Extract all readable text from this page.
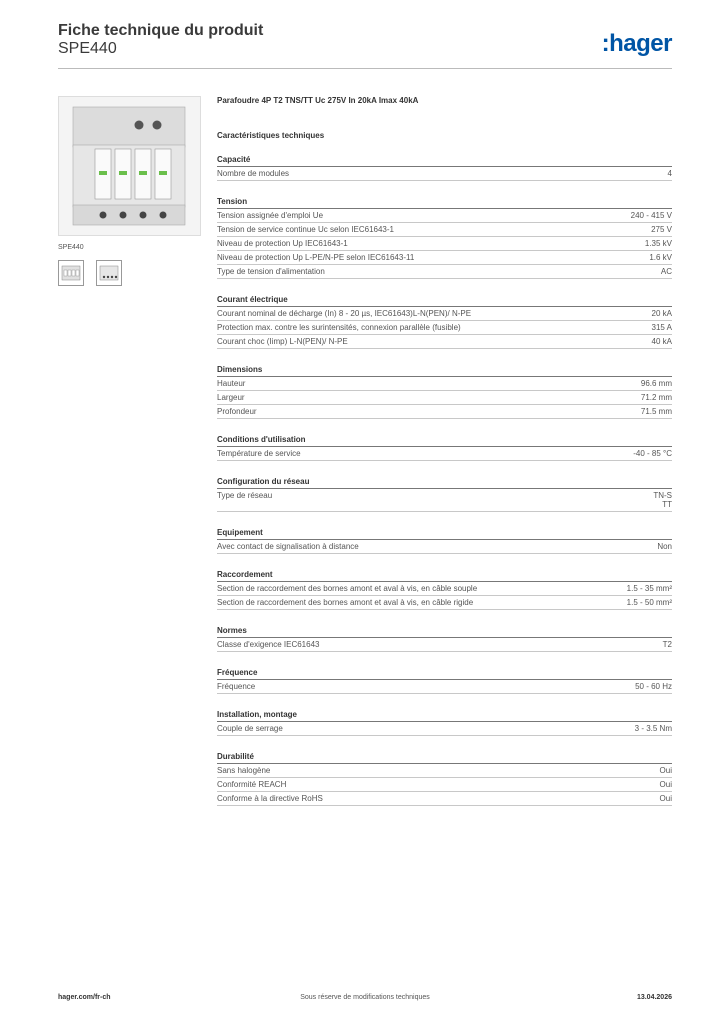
Fiche technique du produit
SPE440	:hager
SPE440
Parafoudre 4P T2 TNS/TT Uc 275V In 20kA Imax 40kA
Caractéristiques techniques
Capacité
Nombre de modules	4
Tension
Tension assignée d'emploi Ue	240 - 415 V
Tension de service continue Uc selon IEC61643-1	275 V
Niveau de protection Up IEC61643-1	1.35 kV
Niveau de protection Up L-PE/N-PE selon IEC61643-11	1.6 kV
Type de tension d'alimentation	AC
Courant électrique
Courant nominal de décharge (In) 8 - 20 µs, IEC61643)L-N(PEN)/ N-PE	20 kA
Protection max. contre les surintensités, connexion parallèle (fusible)	315 A
Courant choc (Iimp) L-N(PEN)/ N-PE	40 kA
Dimensions
Hauteur	96.6 mm
Largeur	71.2 mm
Profondeur	71.5 mm
Conditions d'utilisation
Température de service	-40 - 85 °C
Configuration du réseau
Type de réseau	TN-S
TT
Equipement
Avec contact de signalisation à distance	Non
Raccordement
Section de raccordement des bornes amont et aval à vis, en câble souple	1.5 - 35 mm²
Section de raccordement des bornes amont et aval à vis, en câble rigide	1.5 - 50 mm²
Normes
Classe d'exigence IEC61643	T2
Fréquence
Fréquence	50 - 60 Hz
Installation, montage
Couple de serrage	3 - 3.5 Nm
Durabilité
Sans halogène	Oui
Conformité REACH	Oui
Conforme à la directive RoHS	Oui
hager.com/fr-ch	Sous réserve de modifications techniques	13.04.2026
